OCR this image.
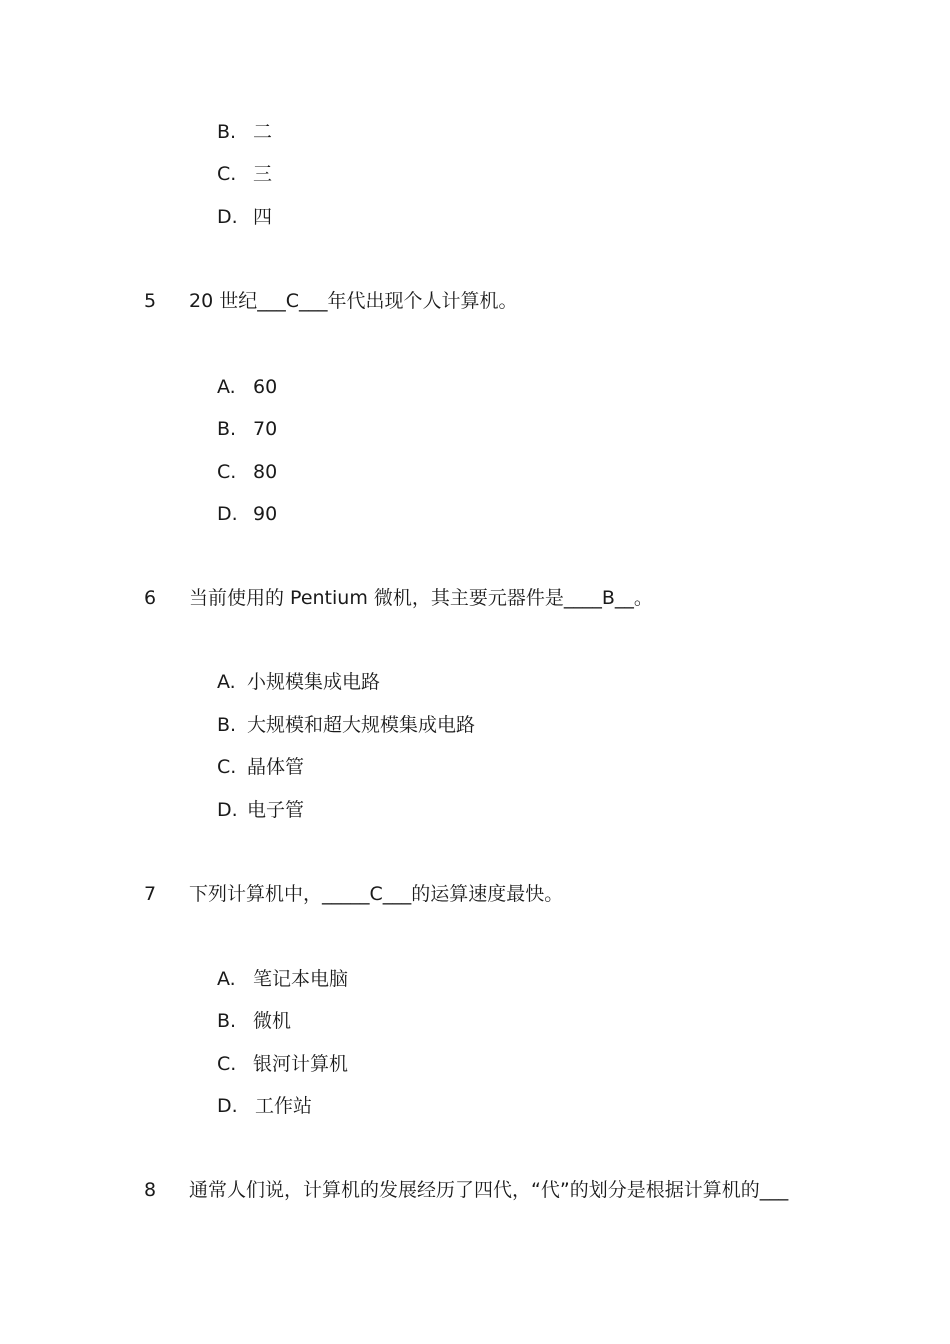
B. 二
C. 三
D. 四
5 20 世纪___C___年代出现个人计算机。
A. 60
B. 70
C. 80
D. 90
6 当前使用的 Pentium 微机，其主要元器件是____B__。
A. 小规模集成电路
B. 大规模和超大规模集成电路
C. 晶体管
D. 电子管
7 下列计算机中，_____C___的运算速度最快。
A. 笔记本电脑
B. 微机
C. 银河计算机
D. 工作站
8 通常人们说，计算机的发展经历了四代，“代”的划分是根据计算机的___
